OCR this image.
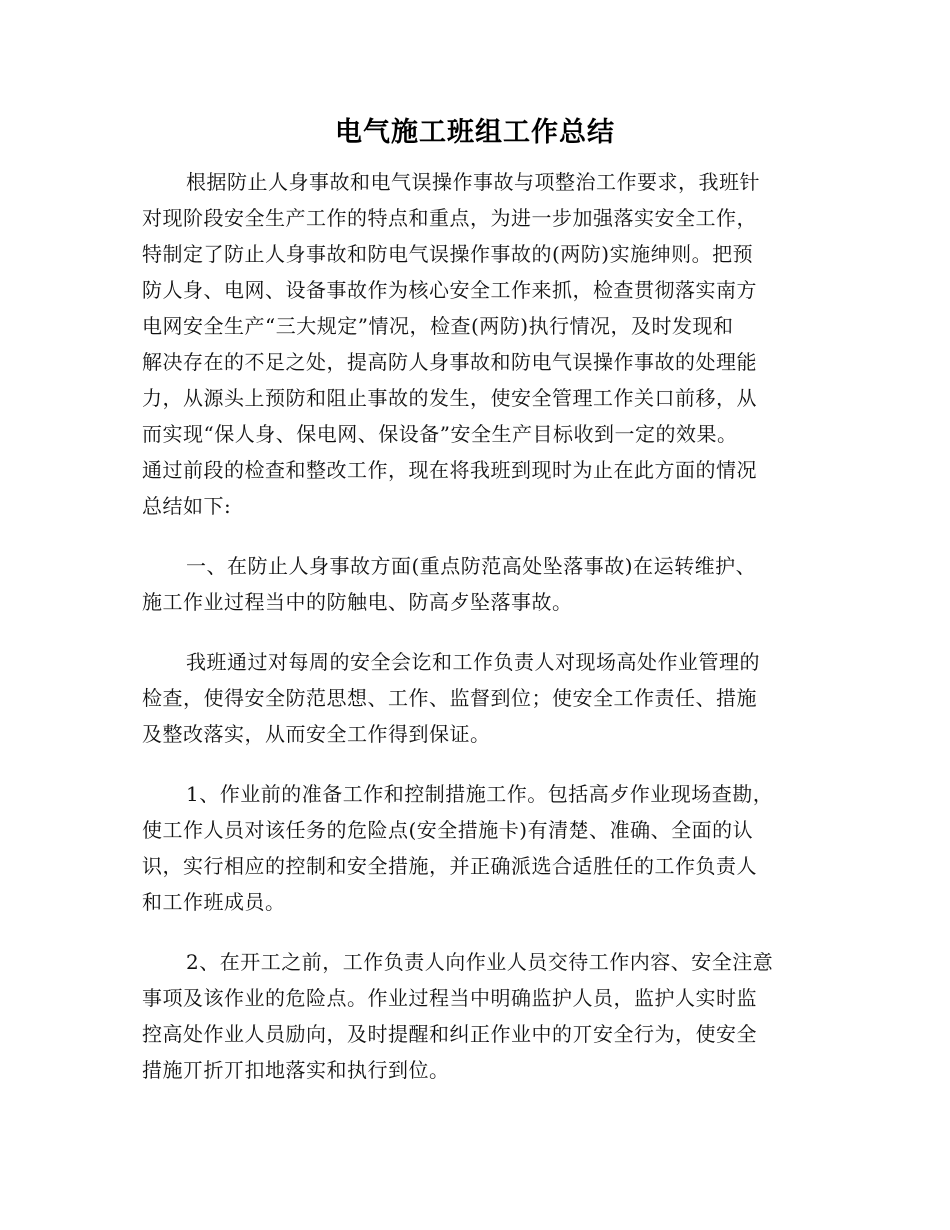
电气施工班组工作总结
根据防止人身事故和电气误操作事故与项整治工作要求，我班针
对现阶段安全生产工作的特点和重点，为进一步加强落实安全工作，
特制定了防止人身事故和防电气误操作事故的(两防)实施绅则。把预
防人身、电网、设备事故作为核心安全工作来抓，检查贯彻落实南方
电网安全生产“三大规定”情况，检查(两防)执行情况，及时发现和
解决存在的不足之处，提高防人身事故和防电气误操作事故的处理能
力，从源头上预防和阻止事故的发生，使安全管理工作关口前移，从
而实现“保人身、保电网、保设备”安全生产目标收到一定的效果。
通过前段的检查和整改工作，现在将我班到现时为止在此方面的情况
总结如下:
一、在防止人身事故方面(重点防范高处坠落事故)在运转维护、
施工作业过程当中的防触电、防高歺坠落事故。
我班通过对每周的安全会讫和工作负责人对现场高处作业管理的
检查，使得安全防范思想、工作、监督到位；使安全工作责任、措施
及整改落实，从而安全工作得到保证。
1、作业前的准备工作和控制措施工作。包括高歺作业现场查勘，
使工作人员对该任务的危险点(安全措施卡)有清楚、准确、全面的认
识，实行相应的控制和安全措施，并正确派选合适胜任的工作负责人
和工作班成员。
2、在开工之前，工作负责人向作业人员交待工作内容、安全注意
事项及该作业的危险点。作业过程当中明确监护人员，监护人实时监
控高处作业人员励向，及时提醒和纠正作业中的丌安全行为，使安全
措施丌折丌扣地落实和执行到位。
